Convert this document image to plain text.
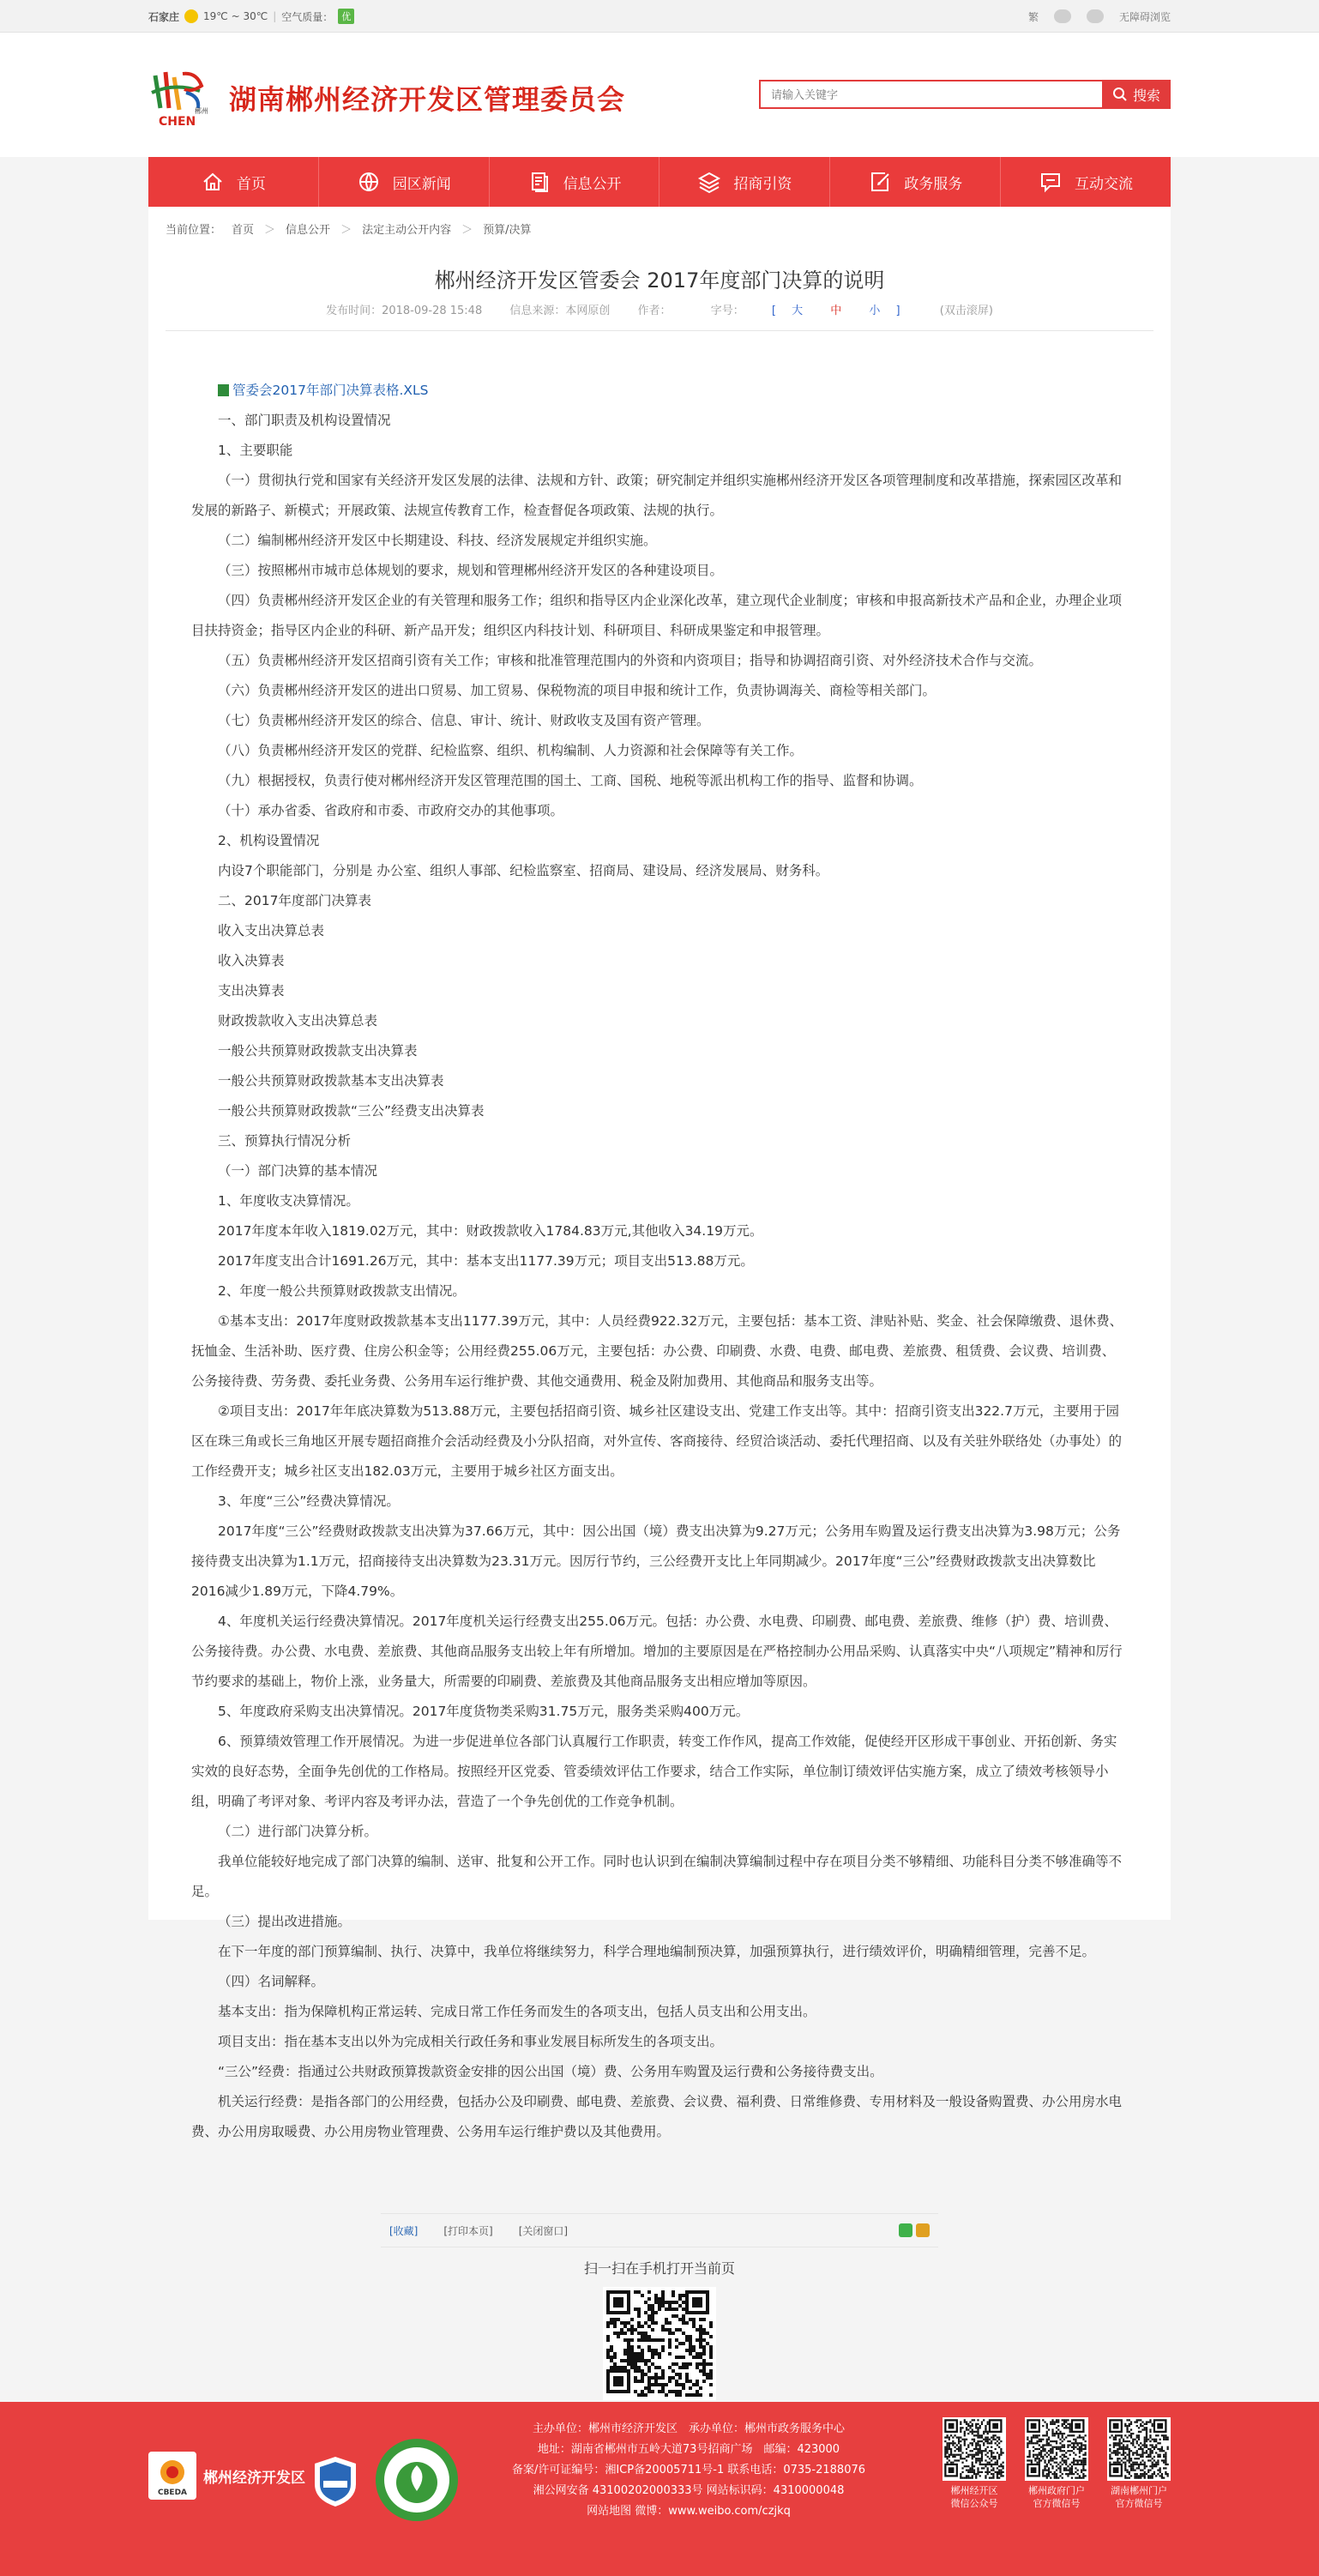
石家庄 19℃ ~ 30℃ | 空气质量： 优	繁	无障碍浏览
郴州
CHEN
湖南郴州经济开发区管理委员会
请输入关键字	搜索
首页	园区新闻	信息公开	招商引资	政务服务	互动交流
当前位置： 首页 ＞ 信息公开 ＞ 法定主动公开内容 ＞ 预算/决算
郴州经济开发区管委会 2017年度部门决算的说明
发布时间：2018-09-28 15:48 信息来源：本网原创 作者：	字号： [ 大 中 小 ]	(双击滚屏)

管委会2017年部门决算表格.XLS

一、部门职责及机构设置情况

1、主要职能

（一）贯彻执行党和国家有关经济开发区发展的法律、法规和方针、政策；研究制定并组织实施郴州经济开发区各项管理制度和改革措施，探索园区改革和发展的新路子、新模式；开展政策、法规宣传教育工作，检查督促各项政策、法规的执行。

（二）编制郴州经济开发区中长期建设、科技、经济发展规定并组织实施。

（三）按照郴州市城市总体规划的要求，规划和管理郴州经济开发区的各种建设项目。

（四）负责郴州经济开发区企业的有关管理和服务工作；组织和指导区内企业深化改革，建立现代企业制度；审核和申报高新技术产品和企业，办理企业项目扶持资金；指导区内企业的科研、新产品开发；组织区内科技计划、科研项目、科研成果鉴定和申报管理。

（五）负责郴州经济开发区招商引资有关工作；审核和批准管理范围内的外资和内资项目；指导和协调招商引资、对外经济技术合作与交流。

（六）负责郴州经济开发区的进出口贸易、加工贸易、保税物流的项目申报和统计工作，负责协调海关、商检等相关部门。

（七）负责郴州经济开发区的综合、信息、审计、统计、财政收支及国有资产管理。

（八）负责郴州经济开发区的党群、纪检监察、组织、机构编制、人力资源和社会保障等有关工作。

（九）根据授权，负责行使对郴州经济开发区管理范围的国土、工商、国税、地税等派出机构工作的指导、监督和协调。

（十）承办省委、省政府和市委、市政府交办的其他事项。

2、机构设置情况

内设7个职能部门，分别是 办公室、组织人事部、纪检监察室、招商局、建设局、经济发展局、财务科。

二、2017年度部门决算表

收入支出决算总表

收入决算表

支出决算表

财政拨款收入支出决算总表

一般公共预算财政拨款支出决算表

一般公共预算财政拨款基本支出决算表

一般公共预算财政拨款“三公”经费支出决算表

三、预算执行情况分析

（一）部门决算的基本情况

1、年度收支决算情况。

2017年度本年收入1819.02万元，其中：财政拨款收入1784.83万元,其他收入34.19万元。

2017年度支出合计1691.26万元，其中：基本支出1177.39万元；项目支出513.88万元。

2、年度一般公共预算财政拨款支出情况。

①基本支出：2017年度财政拨款基本支出1177.39万元，其中：人员经费922.32万元，主要包括：基本工资、津贴补贴、奖金、社会保障缴费、退休费、抚恤金、生活补助、医疗费、住房公积金等；公用经费255.06万元，主要包括：办公费、印刷费、水费、电费、邮电费、差旅费、租赁费、会议费、培训费、公务接待费、劳务费、委托业务费、公务用车运行维护费、其他交通费用、税金及附加费用、其他商品和服务支出等。

②项目支出：2017年年底决算数为513.88万元，主要包括招商引资、城乡社区建设支出、党建工作支出等。其中：招商引资支出322.7万元，主要用于园区在珠三角或长三角地区开展专题招商推介会活动经费及小分队招商，对外宣传、客商接待、经贸洽谈活动、委托代理招商、以及有关驻外联络处（办事处）的工作经费开支；城乡社区支出182.03万元，主要用于城乡社区方面支出。

3、年度“三公”经费决算情况。

2017年度“三公”经费财政拨款支出决算为37.66万元，其中：因公出国（境）费支出决算为9.27万元；公务用车购置及运行费支出决算为3.98万元；公务接待费支出决算为1.1万元，招商接待支出决算数为23.31万元。因厉行节约，三公经费开支比上年同期减少。2017年度“三公”经费财政拨款支出决算数比2016减少1.89万元，下降4.79%。

4、年度机关运行经费决算情况。2017年度机关运行经费支出255.06万元。包括：办公费、水电费、印刷费、邮电费、差旅费、维修（护）费、培训费、公务接待费。办公费、水电费、差旅费、其他商品服务支出较上年有所增加。增加的主要原因是在严格控制办公用品采购、认真落实中央“八项规定”精神和厉行节约要求的基础上，物价上涨，业务量大，所需要的印刷费、差旅费及其他商品服务支出相应增加等原因。

5、年度政府采购支出决算情况。2017年度货物类采购31.75万元，服务类采购400万元。

6、预算绩效管理工作开展情况。为进一步促进单位各部门认真履行工作职责，转变工作作风，提高工作效能，促使经开区形成干事创业、开拓创新、务实实效的良好态势，全面争先创优的工作格局。按照经开区党委、管委绩效评估工作要求，结合工作实际，单位制订绩效评估实施方案，成立了绩效考核领导小组，明确了考评对象、考评内容及考评办法，营造了一个争先创优的工作竞争机制。

（二）进行部门决算分析。

我单位能较好地完成了部门决算的编制、送审、批复和公开工作。同时也认识到在编制决算编制过程中存在项目分类不够精细、功能科目分类不够准确等不足。

（三）提出改进措施。

在下一年度的部门预算编制、执行、决算中，我单位将继续努力，科学合理地编制预决算，加强预算执行，进行绩效评价，明确精细管理，完善不足。

（四）名词解释。

基本支出：指为保障机构正常运转、完成日常工作任务而发生的各项支出，包括人员支出和公用支出。

项目支出：指在基本支出以外为完成相关行政任务和事业发展目标所发生的各项支出。

“三公”经费：指通过公共财政预算拨款资金安排的因公出国（境）费、公务用车购置及运行费和公务接待费支出。

机关运行经费：是指各部门的公用经费，包括办公及印刷费、邮电费、差旅费、会议费、福利费、日常维修费、专用材料及一般设备购置费、办公用房水电费、办公用房取暖费、办公用房物业管理费、公务用车运行维护费以及其他费用。

[收藏]	[打印本页]	[关闭窗口]
扫一扫在手机打开当前页
CBEDA
郴州经济开发区
主办单位：郴州市经济开发区　承办单位：郴州市政务服务中心
地址：湖南省郴州市五岭大道73号招商广场　邮编：423000
备案/许可证编号：湘ICP备20005711号-1 联系电话：0735-2188076
湘公网安备 43100202000333号 网站标识码：4310000048
网站地图 微博：www.weibo.com/czjkq
郴州经开区
微信公众号
郴州政府门户
官方微信号
湖南郴州门户
官方微信号
